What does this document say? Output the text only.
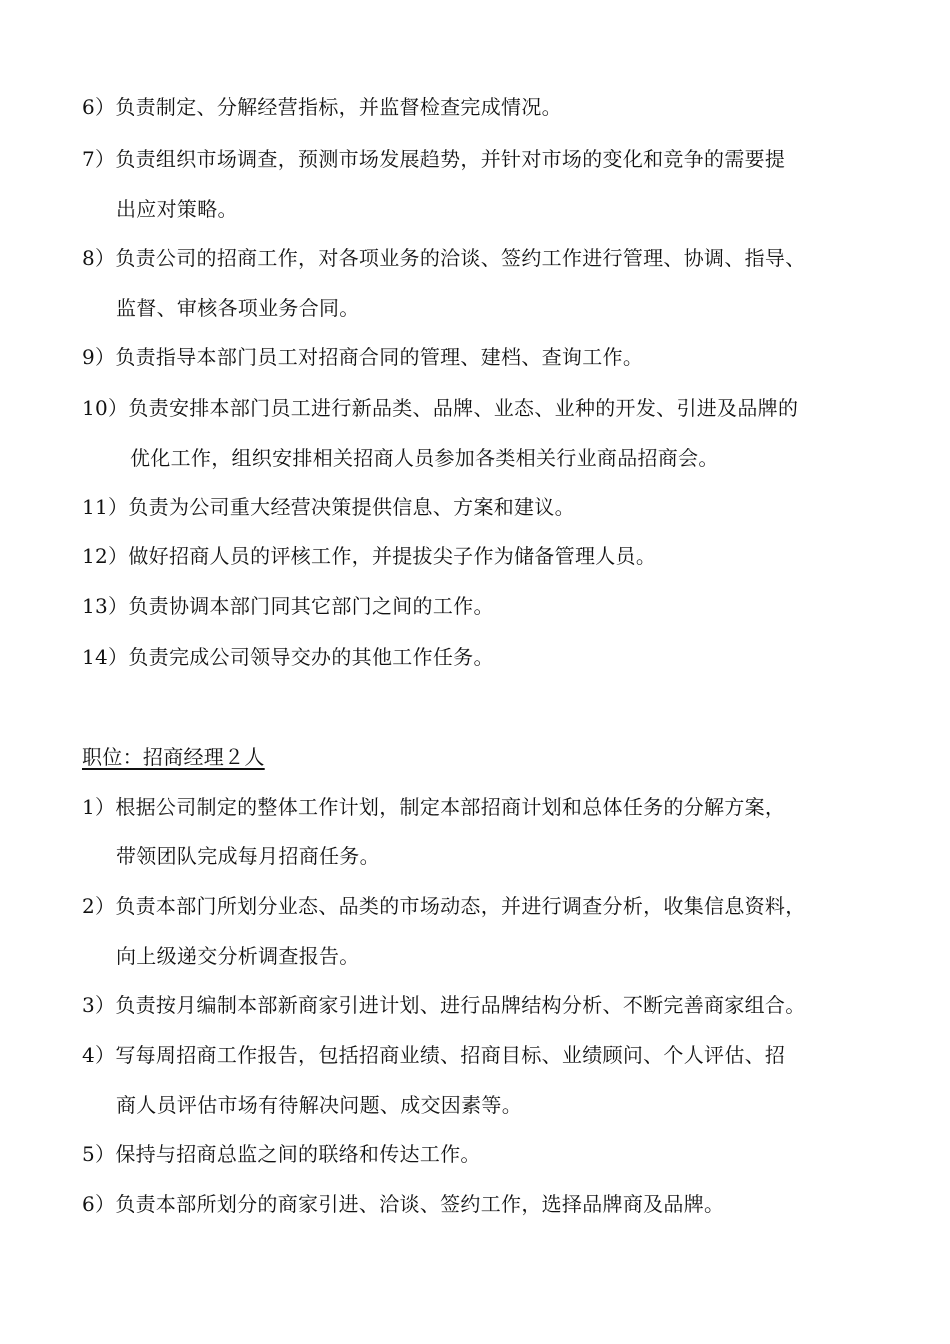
6）负责制定、分解经营指标，并监督检查完成情况。
7）负责组织市场调查，预测市场发展趋势，并针对市场的变化和竞争的需要提
出应对策略。
8）负责公司的招商工作，对各项业务的洽谈、签约工作进行管理、协调、指导、
监督、审核各项业务合同。
9）负责指导本部门员工对招商合同的管理、建档、查询工作。
10）负责安排本部门员工进行新品类、品牌、业态、业种的开发、引进及品牌的
优化工作，组织安排相关招商人员参加各类相关行业商品招商会。
11）负责为公司重大经营决策提供信息、方案和建议。
12）做好招商人员的评核工作，并提拔尖子作为储备管理人员。
13）负责协调本部门同其它部门之间的工作。
14）负责完成公司领导交办的其他工作任务。
职位：招商经理２人
1）根据公司制定的整体工作计划，制定本部招商计划和总体任务的分解方案，
带领团队完成每月招商任务。
2）负责本部门所划分业态、品类的市场动态，并进行调查分析，收集信息资料，
向上级递交分析调查报告。
3）负责按月编制本部新商家引进计划、进行品牌结构分析、不断完善商家组合。
4）写每周招商工作报告，包括招商业绩、招商目标、业绩顾问、个人评估、招
商人员评估市场有待解决问题、成交因素等。
5）保持与招商总监之间的联络和传达工作。
6）负责本部所划分的商家引进、洽谈、签约工作，选择品牌商及品牌。
